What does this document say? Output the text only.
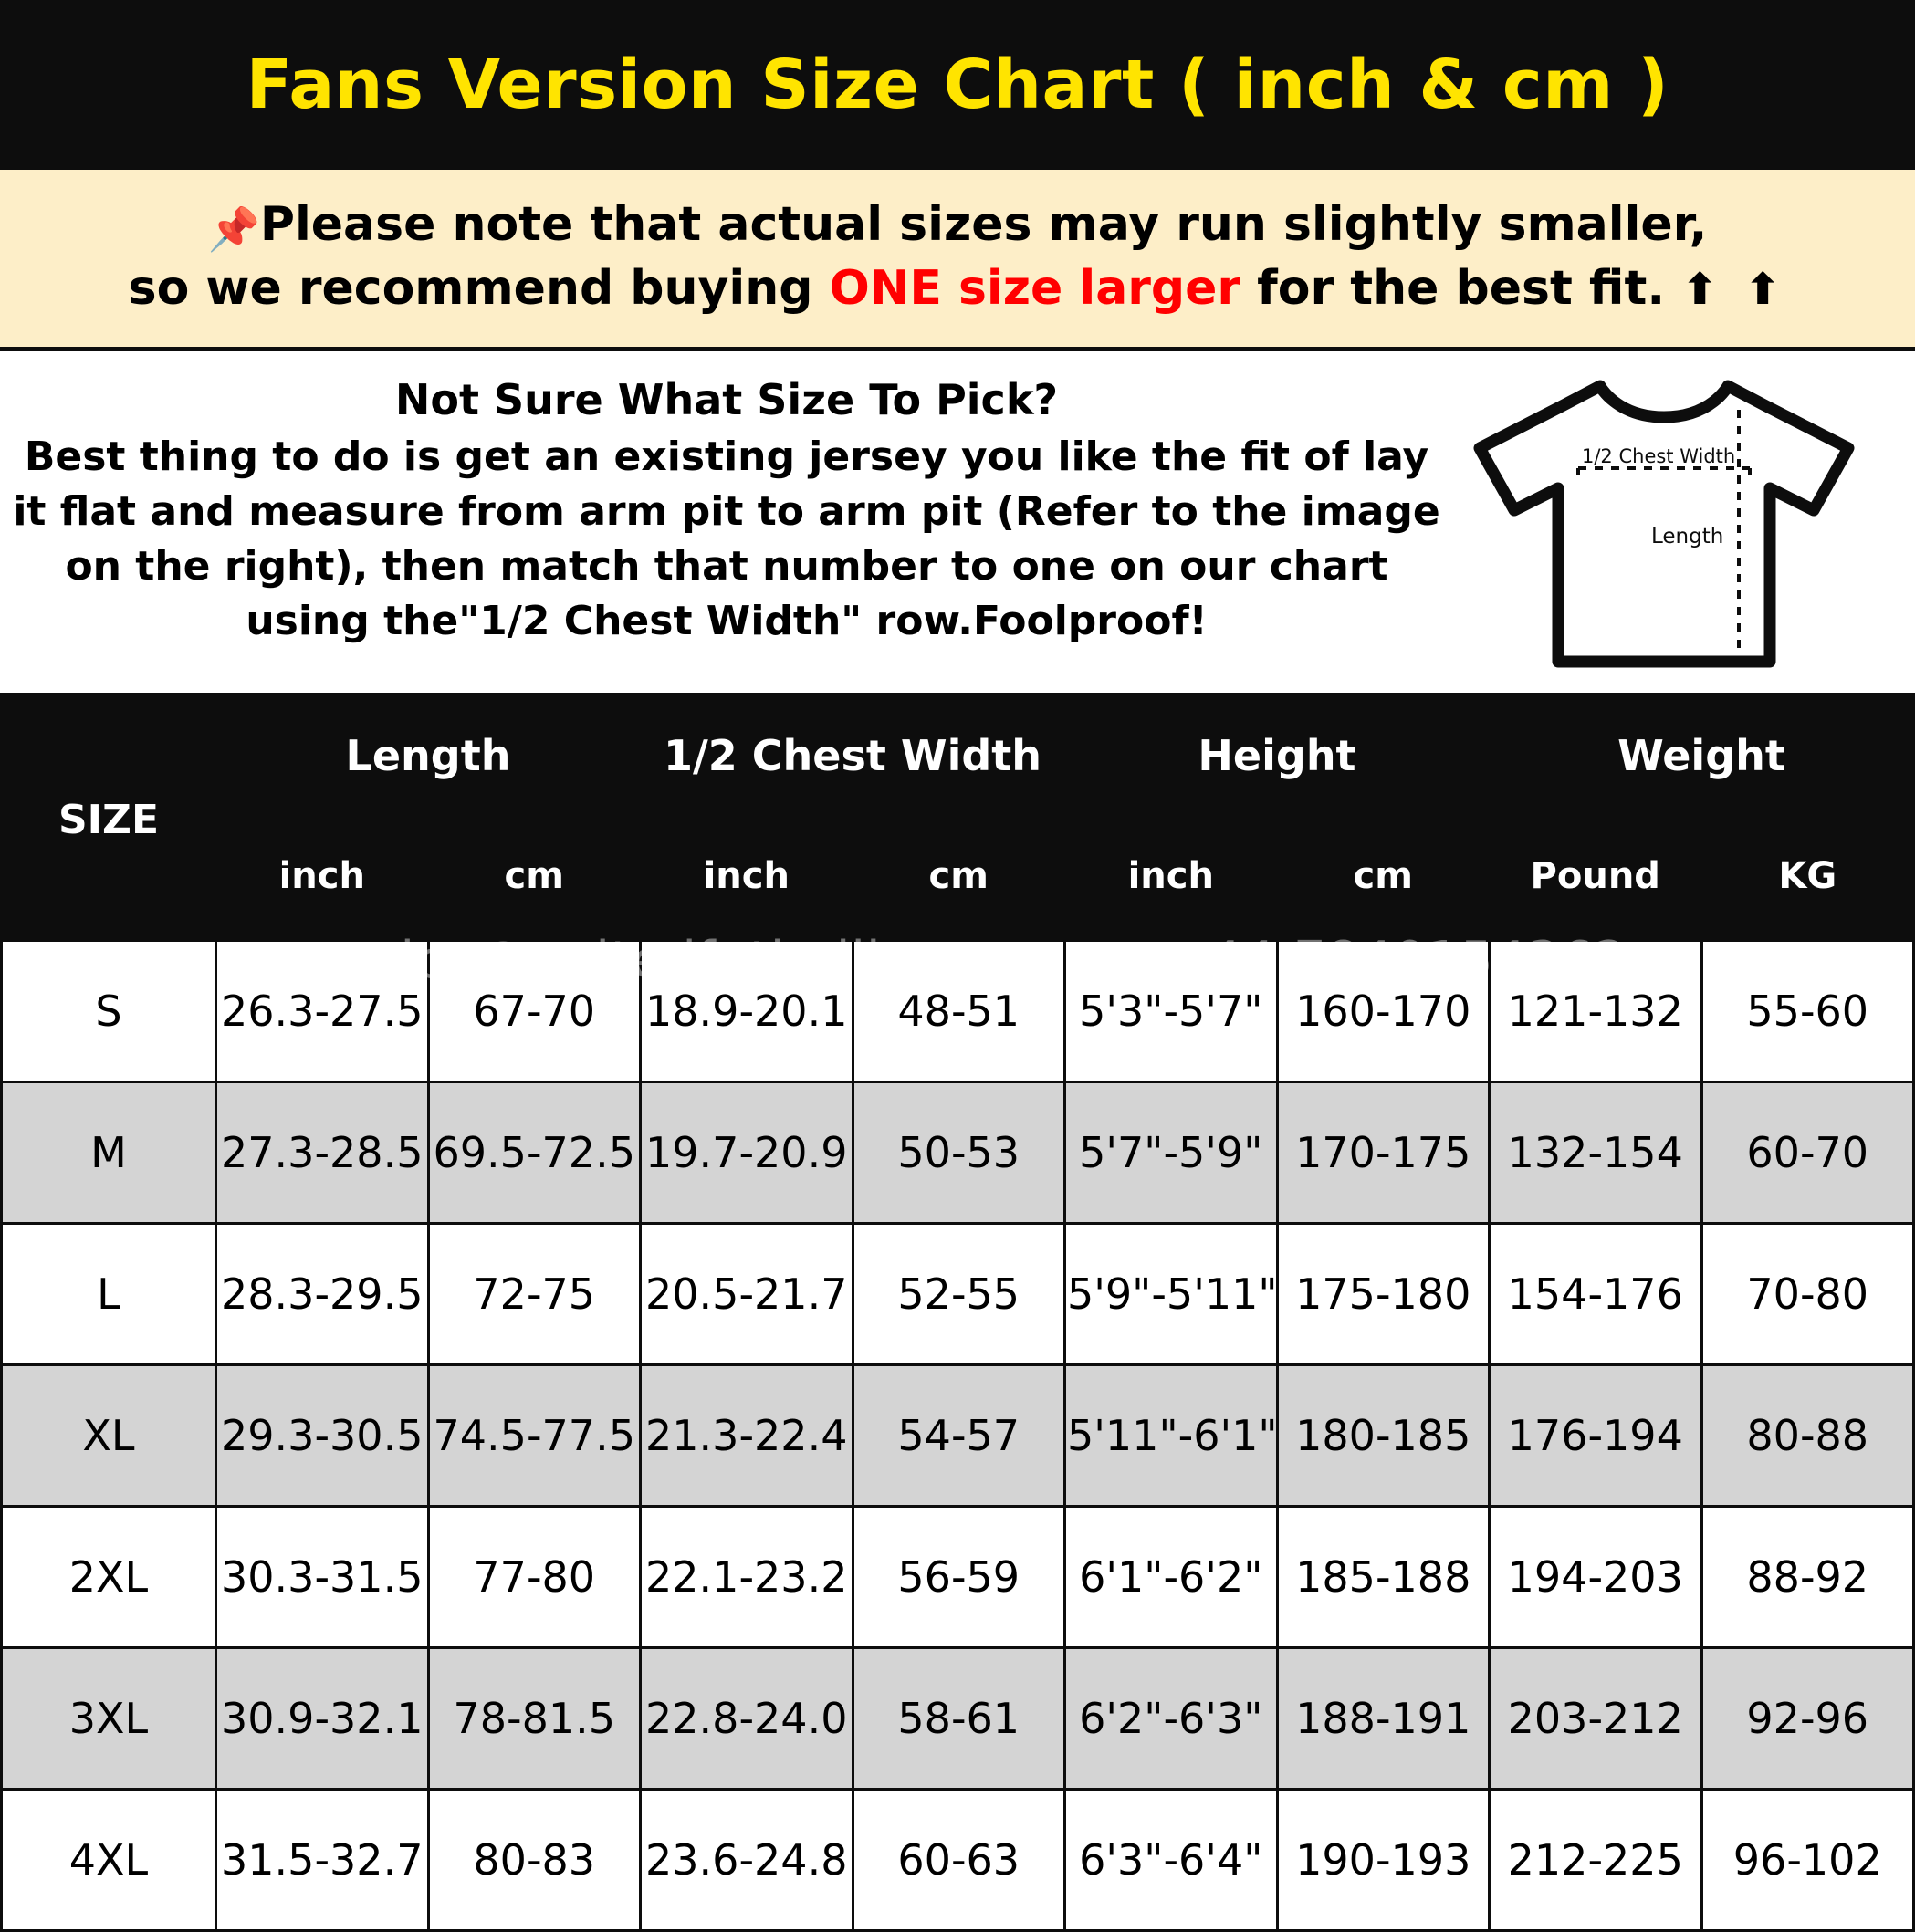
Fans Version Size Chart ( inch & cm )
📌Please note that actual sizes may run slightly smaller,
so we recommend buying ONE size larger for the best fit. ⬆ ⬆
Not Sure What Size To Pick?
Best thing to do is get an existing jersey you like the fit of lay it flat and measure from arm pit to arm pit (Refer to the image on the right), then match that number to one on our chart using the"1/2 Chest Width" row.Foolproof!
1/2 Chest Width
Length
SIZE	Length		1/2 Chest Width		Height		Weight	
	inch	cm	inch	cm	inch	cm	Pound	KG
S	26.3-27.5	67-70	18.9-20.1	48-51	5'3"-5'7"	160-170	121-132	55-60
M	27.3-28.5	69.5-72.5	19.7-20.9	50-53	5'7"-5'9"	170-175	132-154	60-70
L	28.3-29.5	72-75	20.5-21.7	52-55	5'9"-5'11"	175-180	154-176	70-80
XL	29.3-30.5	74.5-77.5	21.3-22.4	54-57	5'11"-6'1"	180-185	176-194	80-88
2XL	30.3-31.5	77-80	22.1-23.2	56-59	6'1"-6'2"	185-188	194-203	88-92
3XL	30.9-32.1	78-81.5	22.8-24.0	58-61	6'2"-6'3"	188-191	203-212	92-96
4XL	31.5-32.7	80-83	23.6-24.8	60-63	6'3"-6'4"	190-193	212-225	96-102
service@unitedfutballjersey.com +44 7840154362
